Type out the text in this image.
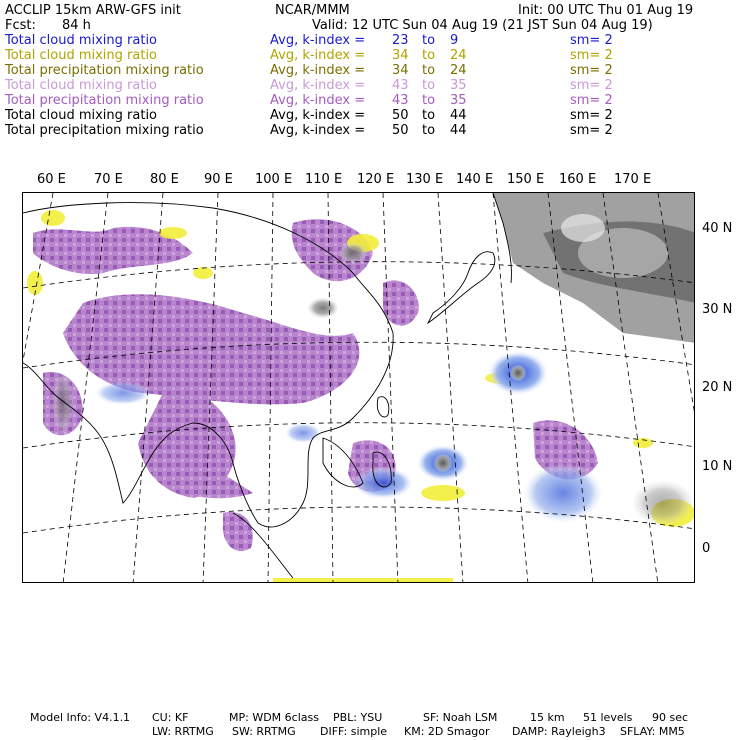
ACCLIP 15km ARW-GFS init	NCAR/MMM	Init: 00 UTC Thu 01 Aug 19
Fcst: 84 h	Valid: 12 UTC Sun 04 Aug 19 (21 JST Sun 04 Aug 19)
Total cloud mixing ratio	Avg, k-index = 23 to 9	sm= 2
Total cloud mixing ratio	Avg, k-index = 34 to 24	sm= 2
Total precipitation mixing ratio	Avg, k-index = 34 to 24	sm= 2
Total cloud mixing ratio	Avg, k-index = 43 to 35	sm= 2
Total precipitation mixing ratio	Avg, k-index = 43 to 35	sm= 2
Total cloud mixing ratio	Avg, k-index = 50 to 44	sm= 2
Total precipitation mixing ratio	Avg, k-index = 50 to 44	sm= 2
60 E 70 E 80 E 90 E 100 E 110 E 120 E 130 E 140 E 150 E 160 E 170 E
40 N
30 N
20 N
10 N
0
Model Info: V4.1.1 CU: KF	MP: WDM 6class PBL: YSU	SF: Noah LSM	15 km 51 levels 90 sec
LW: RRTMG SW: RRTMG DIFF: simple KM: 2D Smagor DAMP: Rayleigh3 SFLAY: MM5
